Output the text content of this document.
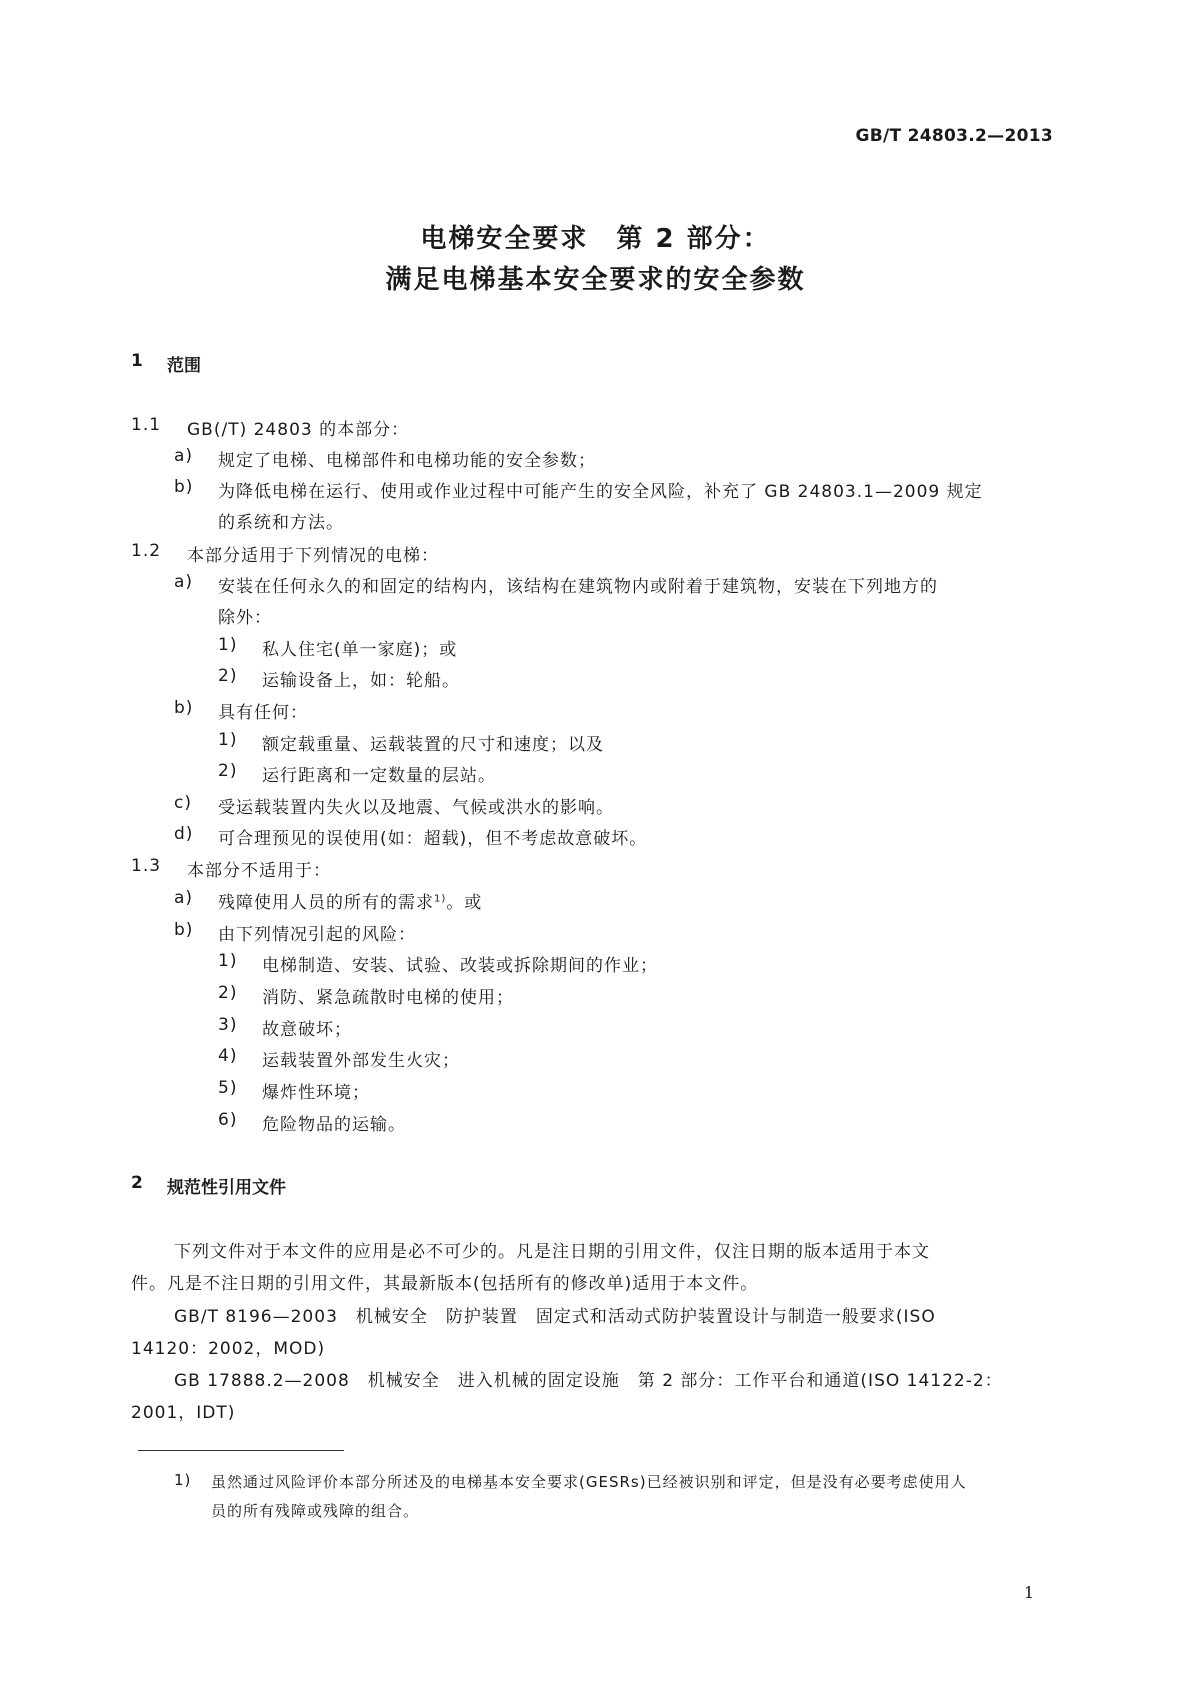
GB/T 24803.2—2013
电梯安全要求　第 2 部分：
满足电梯基本安全要求的安全参数
1 范围
1.1 GB(/T) 24803 的本部分：
a) 规定了电梯、电梯部件和电梯功能的安全参数；
b) 为降低电梯在运行、使用或作业过程中可能产生的安全风险，补充了 GB 24803.1—2009 规定
的系统和方法。
1.2 本部分适用于下列情况的电梯：
a) 安装在任何永久的和固定的结构内，该结构在建筑物内或附着于建筑物，安装在下列地方的
除外：
1) 私人住宅(单一家庭)；或
2) 运输设备上，如：轮船。
b) 具有任何：
1) 额定载重量、运载装置的尺寸和速度；以及
2) 运行距离和一定数量的层站。
c) 受运载装置内失火以及地震、气候或洪水的影响。
d) 可合理预见的误使用(如：超载)，但不考虑故意破坏。
1.3 本部分不适用于：
a) 残障使用人员的所有的需求$^{1)}$。或
b) 由下列情况引起的风险：
1) 电梯制造、安装、试验、改装或拆除期间的作业；
2) 消防、紧急疏散时电梯的使用；
3) 故意破坏；
4) 运载装置外部发生火灾；
5) 爆炸性环境；
6) 危险物品的运输。
2 规范性引用文件
下列文件对于本文件的应用是必不可少的。凡是注日期的引用文件，仅注日期的版本适用于本文
件。凡是不注日期的引用文件，其最新版本(包括所有的修改单)适用于本文件。
GB/T 8196—2003　机械安全　防护装置　固定式和活动式防护装置设计与制造一般要求(ISO
14120：2002，MOD)
GB 17888.2—2008　机械安全　进入机械的固定设施　第 2 部分：工作平台和通道(ISO 14122-2：
2001，IDT)
1) 虽然通过风险评价本部分所述及的电梯基本安全要求(GESRs)已经被识别和评定，但是没有必要考虑使用人
员的所有残障或残障的组合。
1
